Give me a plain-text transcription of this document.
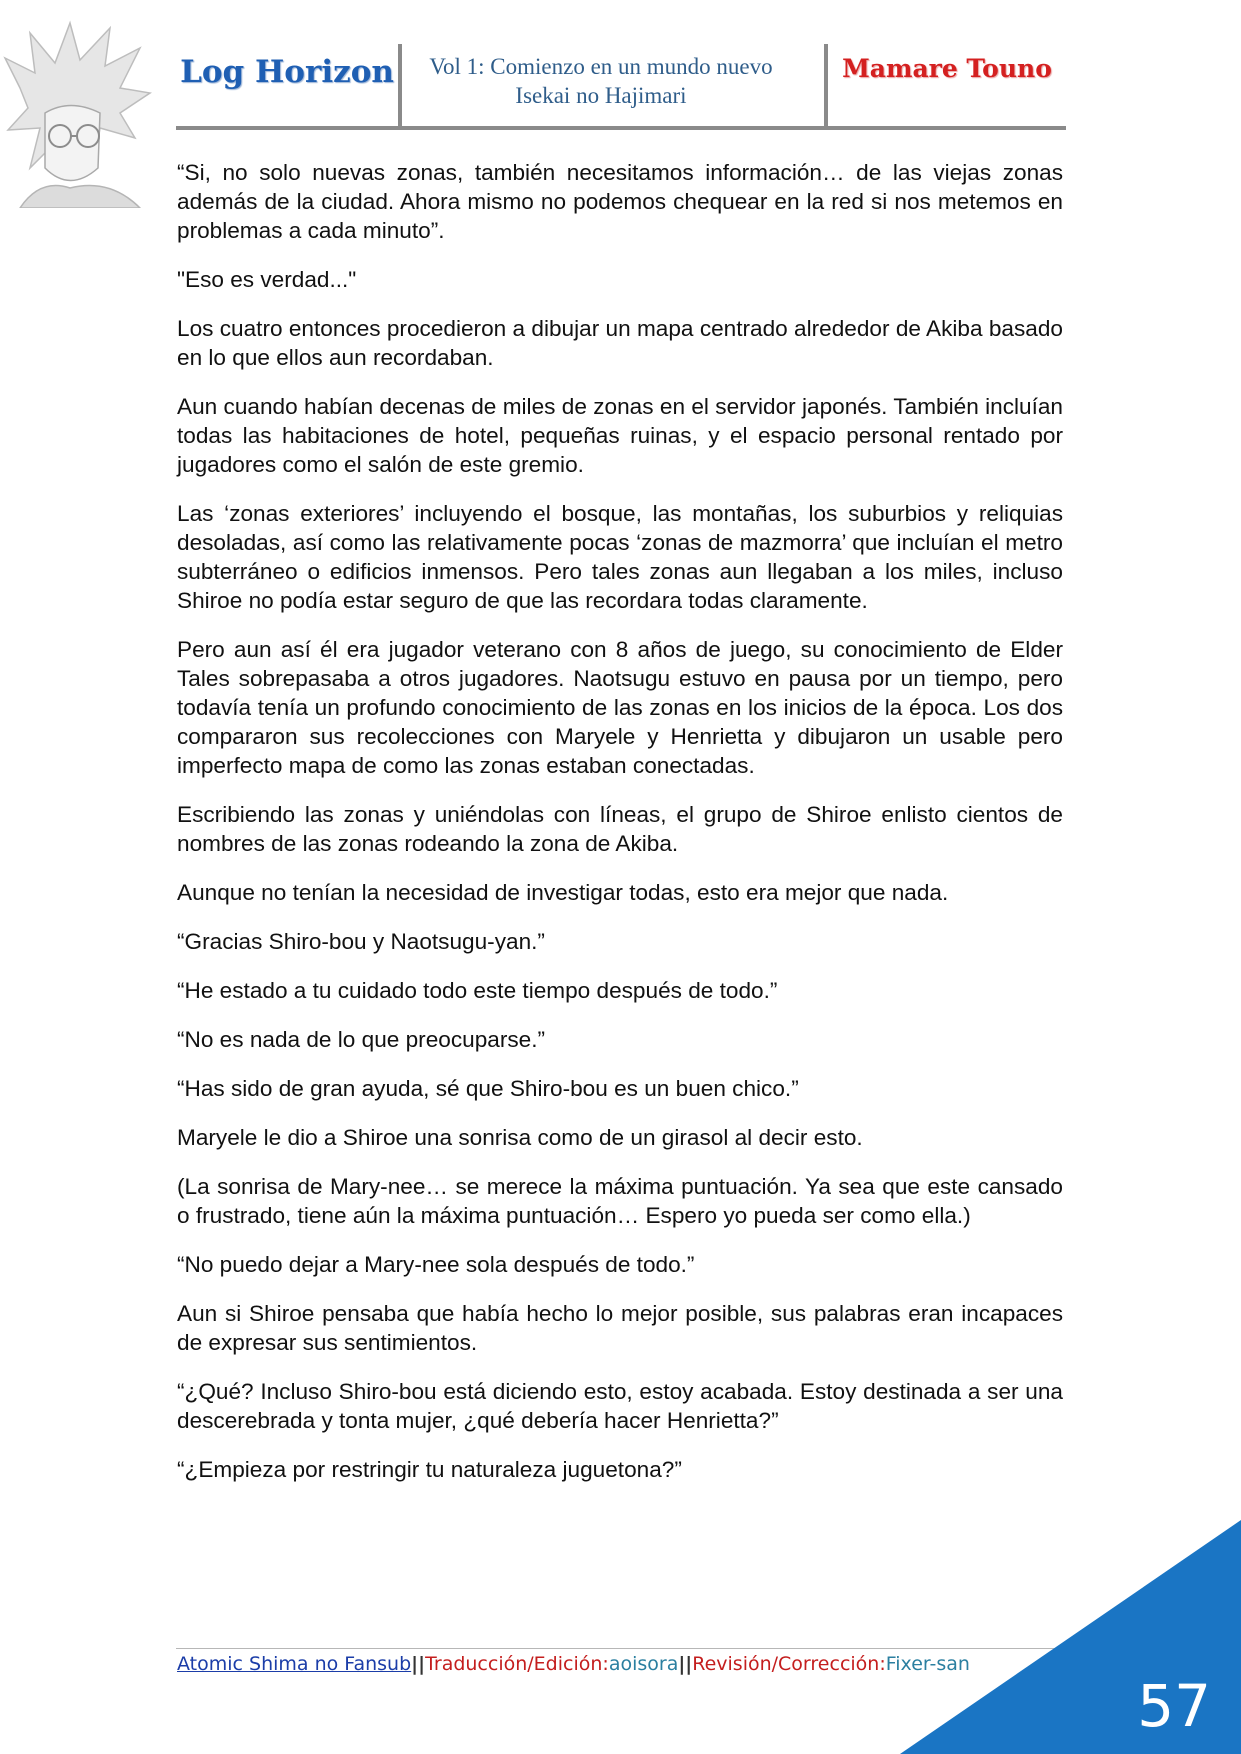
Log Horizon	Vol 1: Comienzo en un mundo nuevo
Isekai no Hajimari
Mamare Touno

“Si, no solo nuevas zonas, también necesitamos información… de las viejas zonas además de la ciudad. Ahora mismo no podemos chequear en la red si nos metemos en problemas a cada minuto”.

"Eso es verdad..."

Los cuatro entonces procedieron a dibujar un mapa centrado alrededor de Akiba basado en lo que ellos aun recordaban.

Aun cuando habían decenas de miles de zonas en el servidor japonés. También incluían todas las habitaciones de hotel, pequeñas ruinas, y el espacio personal rentado por jugadores como el salón de este gremio.

Las ‘zonas exteriores’ incluyendo el bosque, las montañas, los suburbios y reliquias desoladas, así como las relativamente pocas ‘zonas de mazmorra’ que incluían el metro subterráneo o edificios inmensos. Pero tales zonas aun llegaban a los miles, incluso Shiroe no podía estar seguro de que las recordara todas claramente.

Pero aun así él era jugador veterano con 8 años de juego, su conocimiento de Elder Tales sobrepasaba a otros jugadores. Naotsugu estuvo en pausa por un tiempo, pero todavía tenía un profundo conocimiento de las zonas en los inicios de la época. Los dos compararon sus recolecciones con Maryele y Henrietta y dibujaron un usable pero imperfecto mapa de como las zonas estaban conectadas.

Escribiendo las zonas y uniéndolas con líneas, el grupo de Shiroe enlisto cientos de nombres de las zonas rodeando la zona de Akiba.

Aunque no tenían la necesidad de investigar todas, esto era mejor que nada.

“Gracias Shiro-bou y Naotsugu-yan.”

“He estado a tu cuidado todo este tiempo después de todo.”

“No es nada de lo que preocuparse.”

“Has sido de gran ayuda, sé que Shiro-bou es un buen chico.”

Maryele le dio a Shiroe una sonrisa como de un girasol al decir esto.

(La sonrisa de Mary-nee… se merece la máxima puntuación. Ya sea que este cansado o frustrado, tiene aún la máxima puntuación… Espero yo pueda ser como ella.)

“No puedo dejar a Mary-nee sola después de todo.”

Aun si Shiroe pensaba que había hecho lo mejor posible, sus palabras eran incapaces de expresar sus sentimientos.

“¿Qué? Incluso Shiro-bou está diciendo esto, estoy acabada. Estoy destinada a ser una descerebrada y tonta mujer, ¿qué debería hacer Henrietta?”

“¿Empieza por restringir tu naturaleza juguetona?”

Atomic Shima no Fansub||Traducción/Edición:aoisora||Revisión/Corrección:Fixer-san
57
